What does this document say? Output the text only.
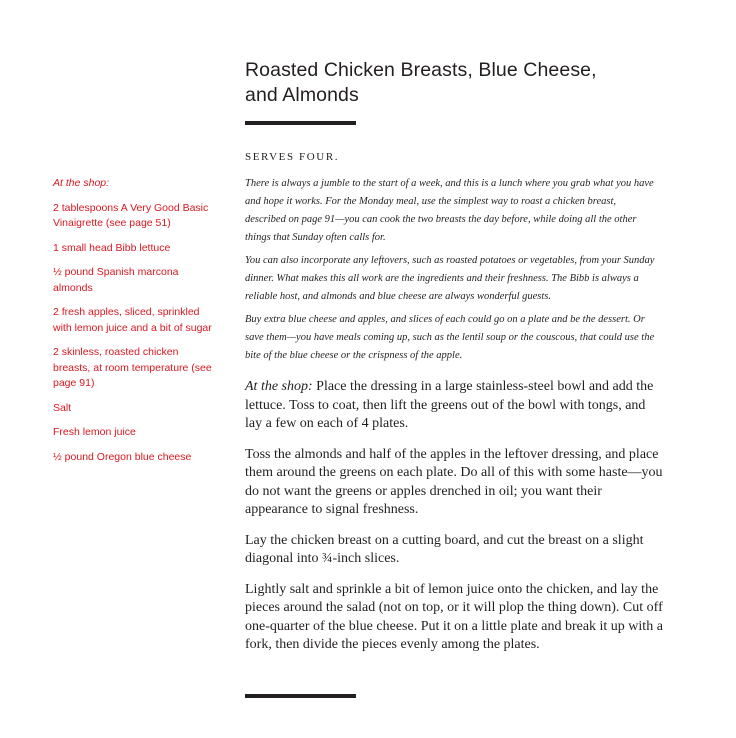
Roasted Chicken Breasts, Blue Cheese,
and Almonds
SERVES FOUR.

There is always a jumble to the start of a week, and this is a lunch where you grab what you have and hope it works. For the Monday meal, use the simplest way to roast a chicken breast, described on page 91—you can cook the two breasts the day before, while doing all the other things that Sunday often calls for.

You can also incorporate any leftovers, such as roasted potatoes or vegetables, from your Sunday dinner. What makes this all work are the ingredients and their freshness. The Bibb is always a reliable host, and almonds and blue cheese are always wonderful guests.

Buy extra blue cheese and apples, and slices of each could go on a plate and be the dessert. Or save them—you have meals coming up, such as the lentil soup or the couscous, that could use the bite of the blue cheese or the crispness of the apple.

At the shop: Place the dressing in a large stainless-steel bowl and add the lettuce. Toss to coat, then lift the greens out of the bowl with tongs, and lay a few on each of 4 plates.

Toss the almonds and half of the apples in the leftover dressing, and place them around the greens on each plate. Do all of this with some haste—you do not want the greens or apples drenched in oil; you want their appearance to signal freshness.

Lay the chicken breast on a cutting board, and cut the breast on a slight diagonal into ¾-inch slices.

Lightly salt and sprinkle a bit of lemon juice onto the chicken, and lay the pieces around the salad (not on top, or it will plop the thing down). Cut off one-quarter of the blue cheese. Put it on a little plate and break it up with a fork, then divide the pieces evenly among the plates.

At the shop:
2 tablespoons A Very Good Basic Vinaigrette (see page 51)
1 small head Bibb lettuce
½ pound Spanish marcona almonds
2 fresh apples, sliced, sprinkled with lemon juice and a bit of sugar
2 skinless, roasted chicken breasts, at room temperature (see page 91)
Salt
Fresh lemon juice
½ pound Oregon blue cheese
